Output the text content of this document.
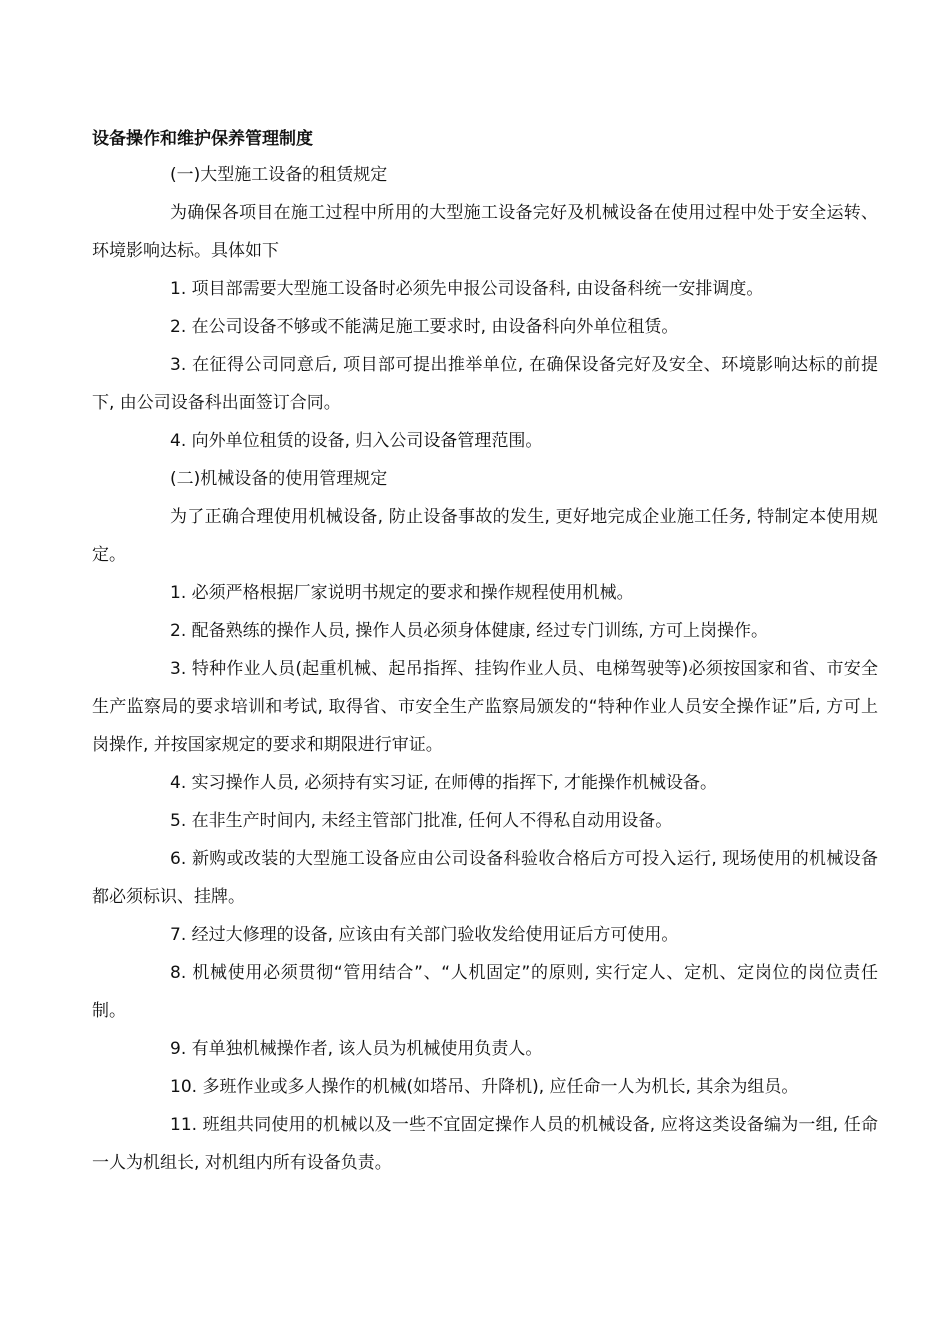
设备操作和维护保养管理制度

(一)大型施工设备的租赁规定

为确保各项目在施工过程中所用的大型施工设备完好及机械设备在使用过程中处于安全运转、环境影响达标。具体如下

1. 项目部需要大型施工设备时必须先申报公司设备科, 由设备科统一安排调度。

2. 在公司设备不够或不能满足施工要求时, 由设备科向外单位租赁。

3. 在征得公司同意后, 项目部可提出推举单位, 在确保设备完好及安全、环境影响达标的前提下, 由公司设备科出面签订合同。

4. 向外单位租赁的设备, 归入公司设备管理范围。

(二)机械设备的使用管理规定

为了正确合理使用机械设备, 防止设备事故的发生, 更好地完成企业施工任务, 特制定本使用规定。

1. 必须严格根据厂家说明书规定的要求和操作规程使用机械。

2. 配备熟练的操作人员, 操作人员必须身体健康, 经过专门训练, 方可上岗操作。

3. 特种作业人员(起重机械、起吊指挥、挂钩作业人员、电梯驾驶等)必须按国家和省、市安全生产监察局的要求培训和考试, 取得省、市安全生产监察局颁发的“特种作业人员安全操作证”后, 方可上岗操作, 并按国家规定的要求和期限进行审证。

4. 实习操作人员, 必须持有实习证, 在师傅的指挥下, 才能操作机械设备。

5. 在非生产时间内, 未经主管部门批准, 任何人不得私自动用设备。

6. 新购或改装的大型施工设备应由公司设备科验收合格后方可投入运行, 现场使用的机械设备都必须标识、挂牌。

7. 经过大修理的设备, 应该由有关部门验收发给使用证后方可使用。

8. 机械使用必须贯彻“管用结合”、“人机固定”的原则, 实行定人、定机、定岗位的岗位责任制。

9. 有单独机械操作者, 该人员为机械使用负责人。

10. 多班作业或多人操作的机械(如塔吊、升降机), 应任命一人为机长, 其余为组员。

11. 班组共同使用的机械以及一些不宜固定操作人员的机械设备, 应将这类设备编为一组, 任命一人为机组长, 对机组内所有设备负责。
